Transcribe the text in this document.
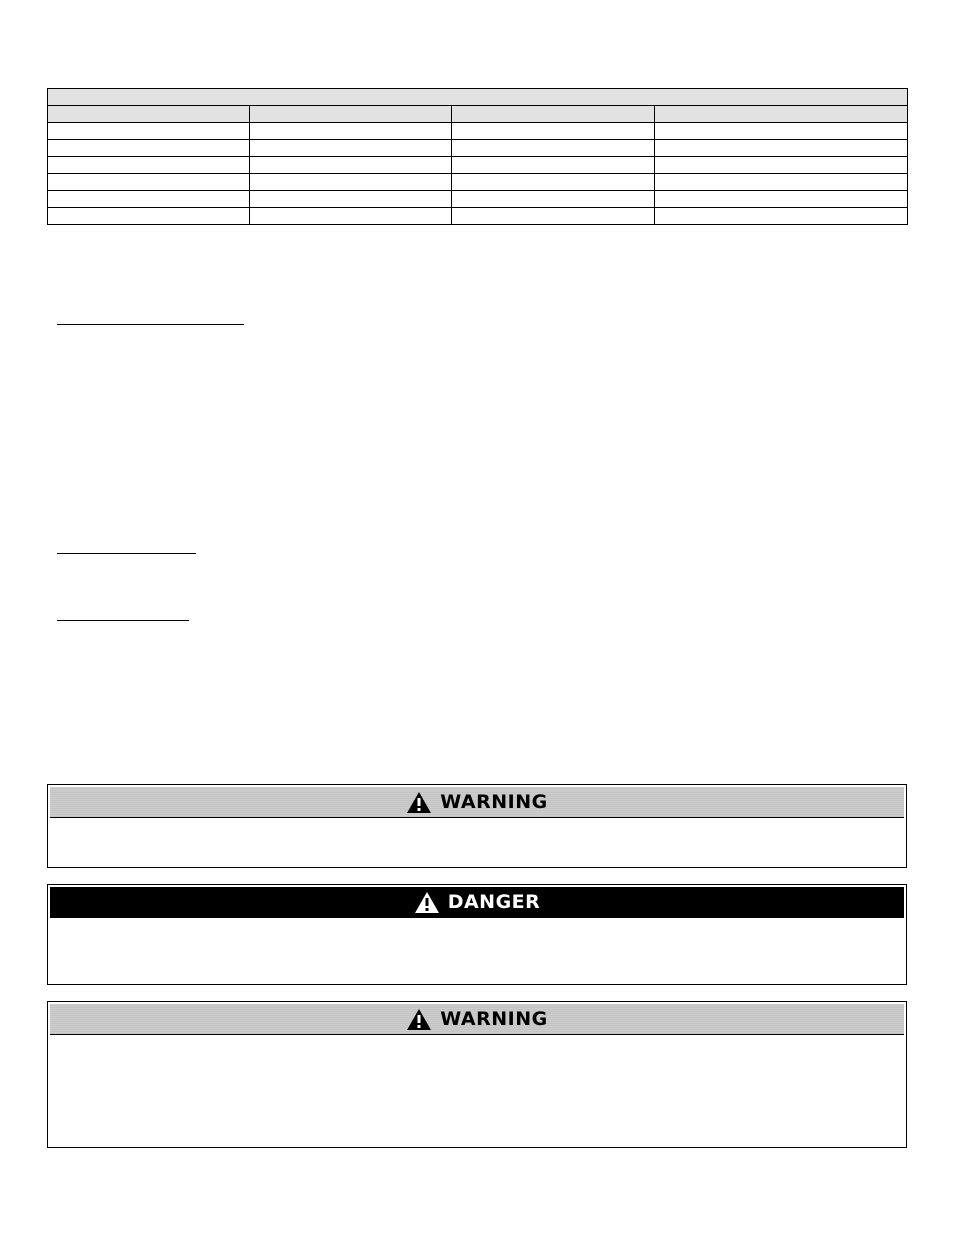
WARNING
DANGER
WARNING
